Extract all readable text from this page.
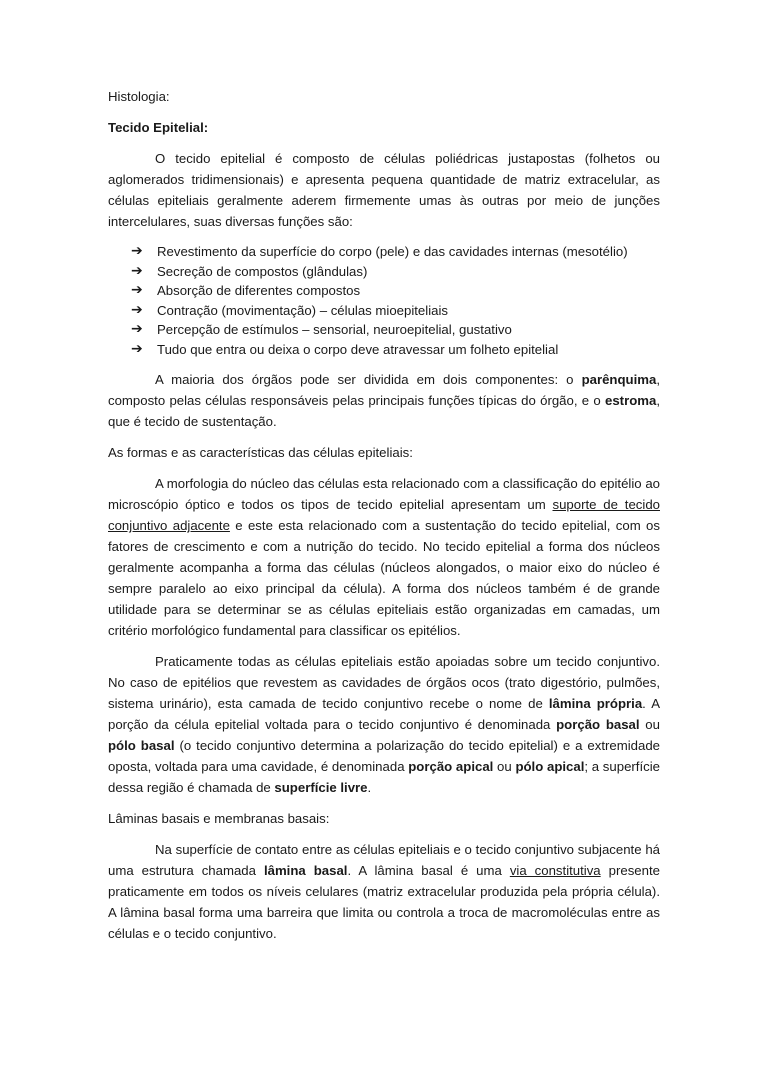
Histologia:

Tecido Epitelial:

O tecido epitelial é composto de células poliédricas justapostas (folhetos ou aglomerados tridimensionais) e apresenta pequena quantidade de matriz extracelular, as células epiteliais geralmente aderem firmemente umas às outras por meio de junções intercelulares, suas diversas funções são:

➔ Revestimento da superfície do corpo (pele) e das cavidades internas (mesotélio)
➔ Secreção de compostos (glândulas)
➔ Absorção de diferentes compostos
➔ Contração (movimentação) – células mioepiteliais
➔ Percepção de estímulos – sensorial, neuroepitelial, gustativo
➔ Tudo que entra ou deixa o corpo deve atravessar um folheto epitelial

A maioria dos órgãos pode ser dividida em dois componentes: o parênquima, composto pelas células responsáveis pelas principais funções típicas do órgão, e o estroma, que é tecido de sustentação.

As formas e as características das células epiteliais:

A morfologia do núcleo das células esta relacionado com a classificação do epitélio ao microscópio óptico e todos os tipos de tecido epitelial apresentam um suporte de tecido conjuntivo adjacente e este esta relacionado com a sustentação do tecido epitelial, com os fatores de crescimento e com a nutrição do tecido. No tecido epitelial a forma dos núcleos geralmente acompanha a forma das células (núcleos alongados, o maior eixo do núcleo é sempre paralelo ao eixo principal da célula). A forma dos núcleos também é de grande utilidade para se determinar se as células epiteliais estão organizadas em camadas, um critério morfológico fundamental para classificar os epitélios.

Praticamente todas as células epiteliais estão apoiadas sobre um tecido conjuntivo. No caso de epitélios que revestem as cavidades de órgãos ocos (trato digestório, pulmões, sistema urinário), esta camada de tecido conjuntivo recebe o nome de lâmina própria. A porção da célula epitelial voltada para o tecido conjuntivo é denominada porção basal ou pólo basal (o tecido conjuntivo determina a polarização do tecido epitelial) e a extremidade oposta, voltada para uma cavidade, é denominada porção apical ou pólo apical; a superfície dessa região é chamada de superfície livre.

Lâminas basais e membranas basais:

Na superfície de contato entre as células epiteliais e o tecido conjuntivo subjacente há uma estrutura chamada lâmina basal. A lâmina basal é uma via constitutiva presente praticamente em todos os níveis celulares (matriz extracelular produzida pela própria célula). A lâmina basal forma uma barreira que limita ou controla a troca de macromoléculas entre as células e o tecido conjuntivo.
